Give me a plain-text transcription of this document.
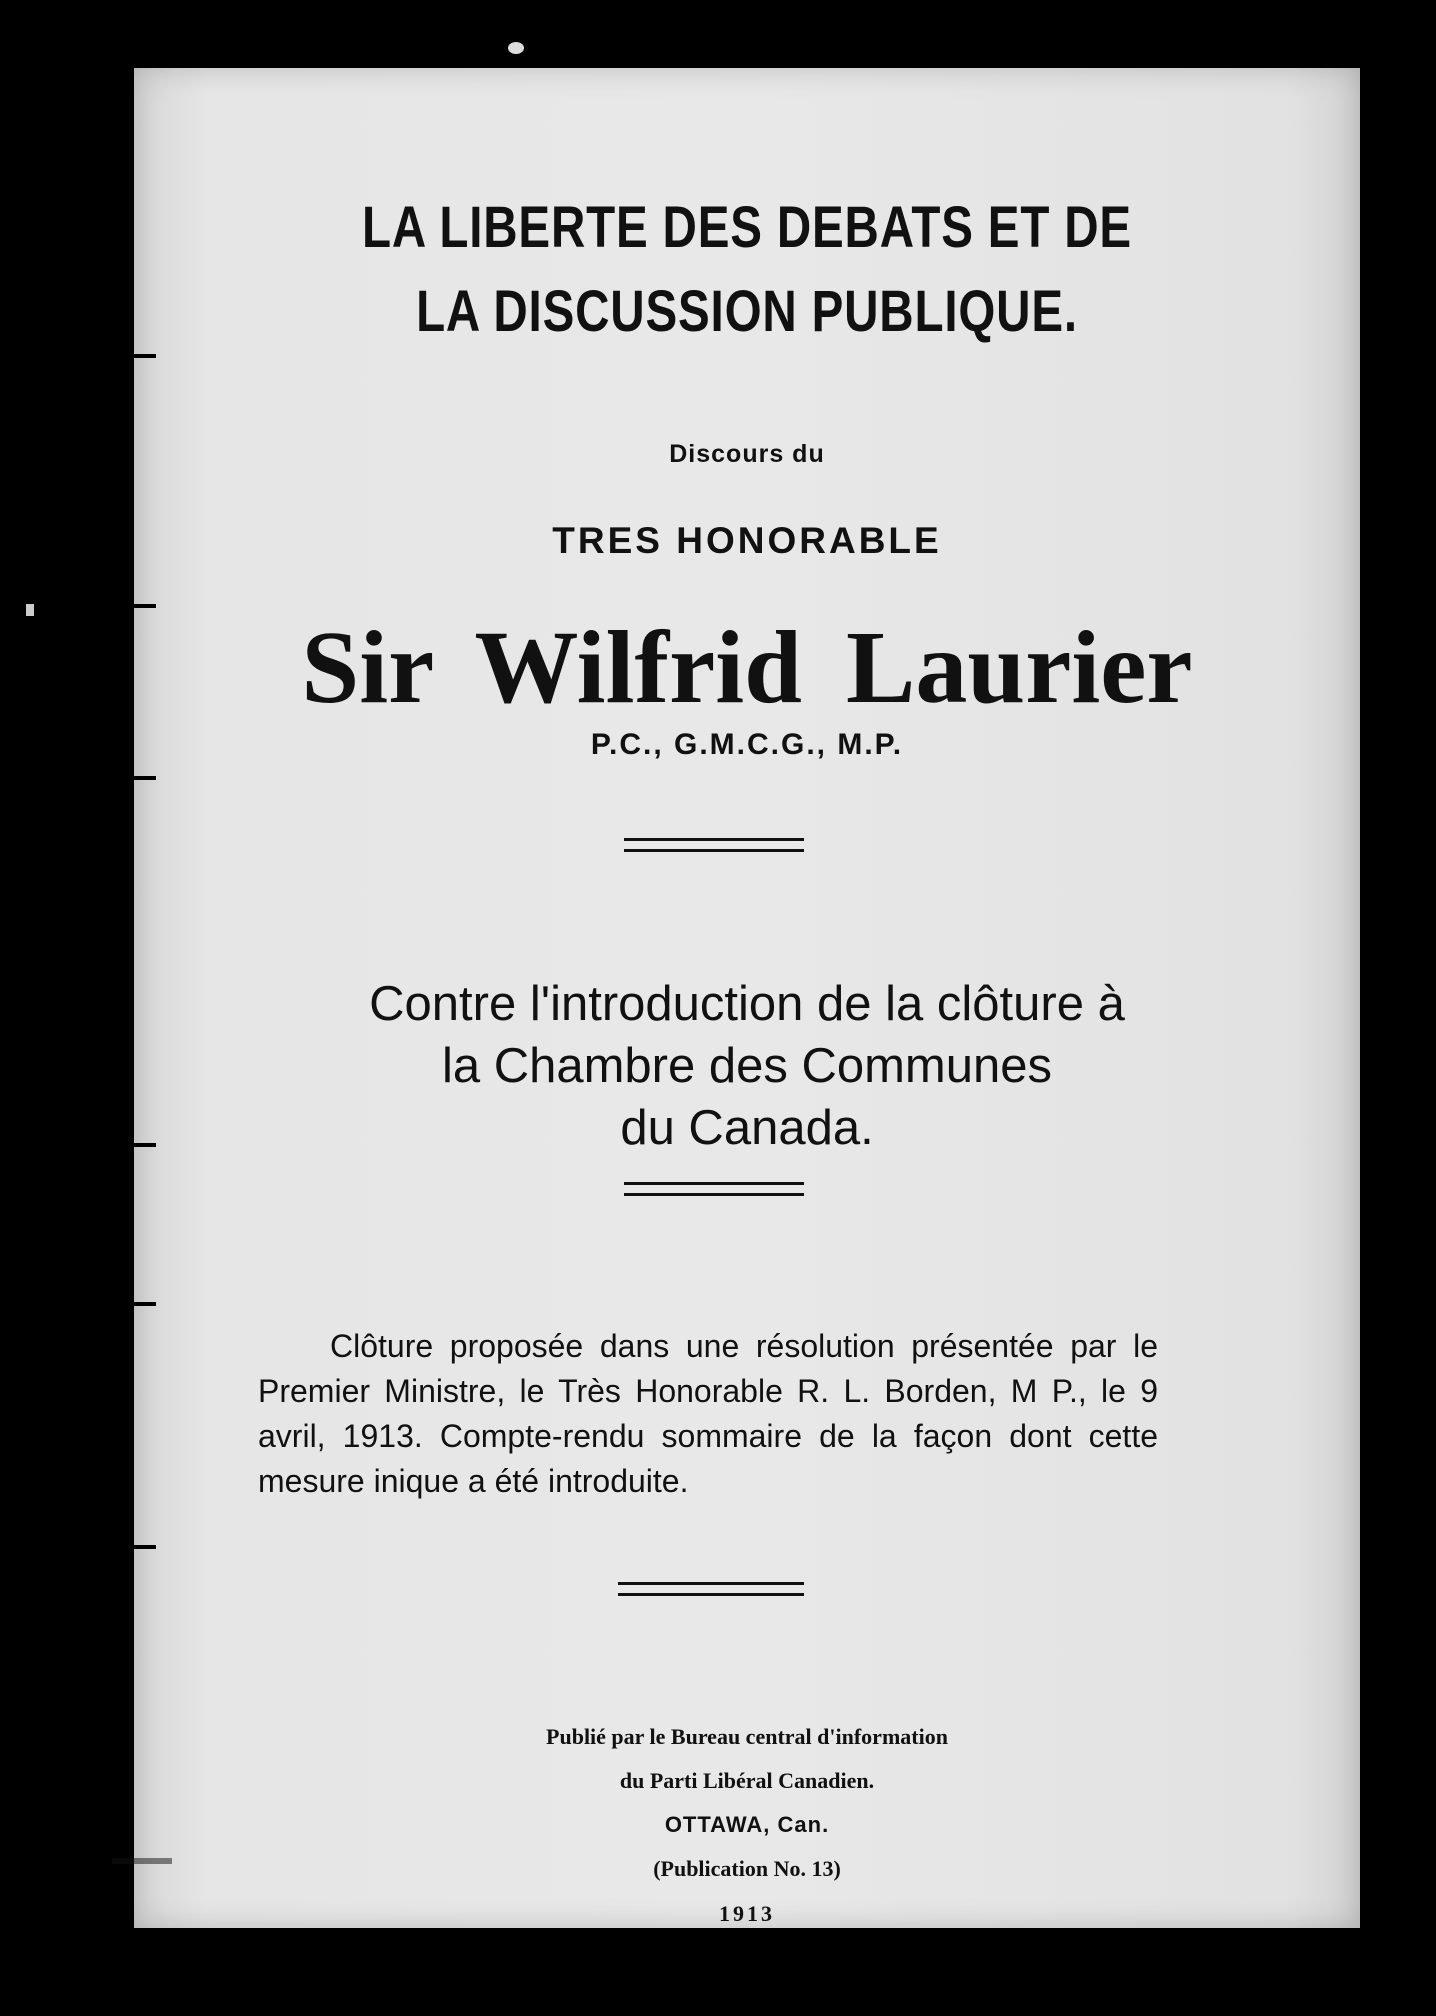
LA LIBERTE DES DEBATS ET DE
LA DISCUSSION PUBLIQUE.
Discours du
TRES HONORABLE
Sir Wilfrid Laurier
P.C., G.M.C.G., M.P.
Contre l'introduction de la clôture à
la Chambre des Communes
du Canada.
Clôture proposée dans une résolution présentée par le Premier Ministre, le Très Honorable R. L. Borden, M P., le 9 avril, 1913. Compte-rendu sommaire de la façon dont cette mesure inique a été introduite.
Publié par le Bureau central d'information
du Parti Libéral Canadien.
OTTAWA, Can.
(Publication No. 13)
1913
